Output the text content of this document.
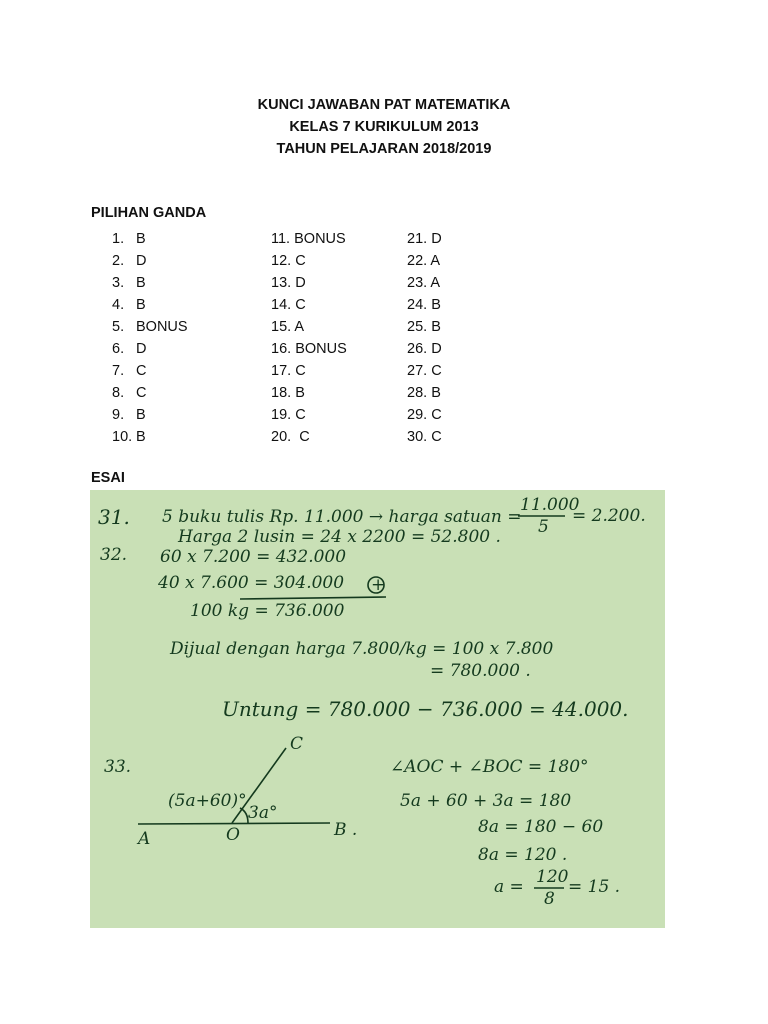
KUNCI JAWABAN PAT MATEMATIKA
KELAS 7 KURIKULUM 2013
TAHUN PELAJARAN 2018/2019
PILIHAN GANDA
1. B
2. D
3. B
4. B
5. BONUS
6. D
7. C
8. C
9. B
10. B
11. BONUS
12. C
13. D
14. C
15. A
16. BONUS
17. C
18. B
19. C
20.  C
21. D
22. A
23. A
24. B
25. B
26. D
27. C
28. B
29. C
30. C
ESAI
31. 5 buku tulis Rp. 11.000 → harga satuan =
11.000
5
= 2.200.
Harga 2 lusin = 24 x 2200 = 52.800 .
32. 60 x 7.200 = 432.000
40 x 7.600 = 304.000 +
100 kg = 736.000
Dijual dengan harga 7.800/kg = 100 x 7.800
= 780.000 .
Untung = 780.000 − 736.000 = 44.000.
33.
C
A	O	B .
(5a+60)°
3a°
∠AOC + ∠BOC = 180°
5a + 60 + 3a = 180
8a = 180 − 60
8a = 120 .
a = 120
8
= 15 .
